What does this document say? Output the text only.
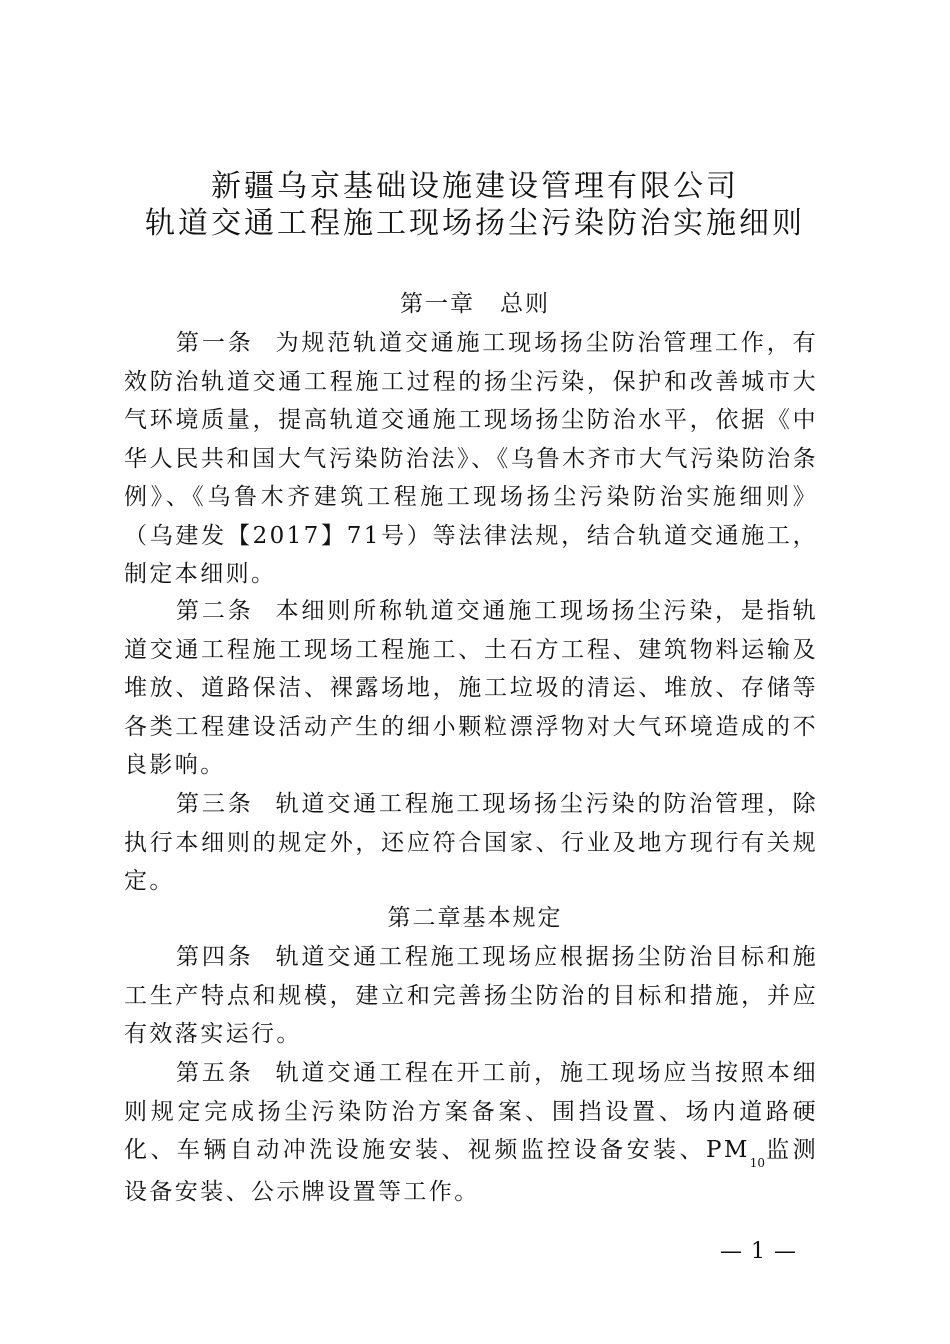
新疆乌京基础设施建设管理有限公司
轨道交通工程施工现场扬尘污染防治实施细则
第一章　总则

第一条 为规范轨道交通施工现场扬尘防治管理工作，有效防治轨道交通工程施工过程的扬尘污染，保护和改善城市大气环境质量，提高轨道交通施工现场扬尘防治水平，依据《中华人民共和国大气污染防治法》、《乌鲁木齐市大气污染防治条例》、《乌鲁木齐建筑工程施工现场扬尘污染防治实施细则》（乌建发【2017】71号）等法律法规，结合轨道交通施工，制定本细则。

第二条 本细则所称轨道交通施工现场扬尘污染，是指轨道交通工程施工现场工程施工、土石方工程、建筑物料运输及堆放、道路保洁、裸露场地，施工垃圾的清运、堆放、存储等各类工程建设活动产生的细小颗粒漂浮物对大气环境造成的不良影响。

第三条 轨道交通工程施工现场扬尘污染的防治管理，除执行本细则的规定外，还应符合国家、行业及地方现行有关规定。

第二章基本规定

第四条 轨道交通工程施工现场应根据扬尘防治目标和施工生产特点和规模，建立和完善扬尘防治的目标和措施，并应有效落实运行。

第五条 轨道交通工程在开工前，施工现场应当按照本细则规定完成扬尘污染防治方案备案、围挡设置、场内道路硬化、车辆自动冲洗设施安装、视频监控设备安装、$PM_{10}$监测设备安装、公示牌设置等工作。

— 1 —
